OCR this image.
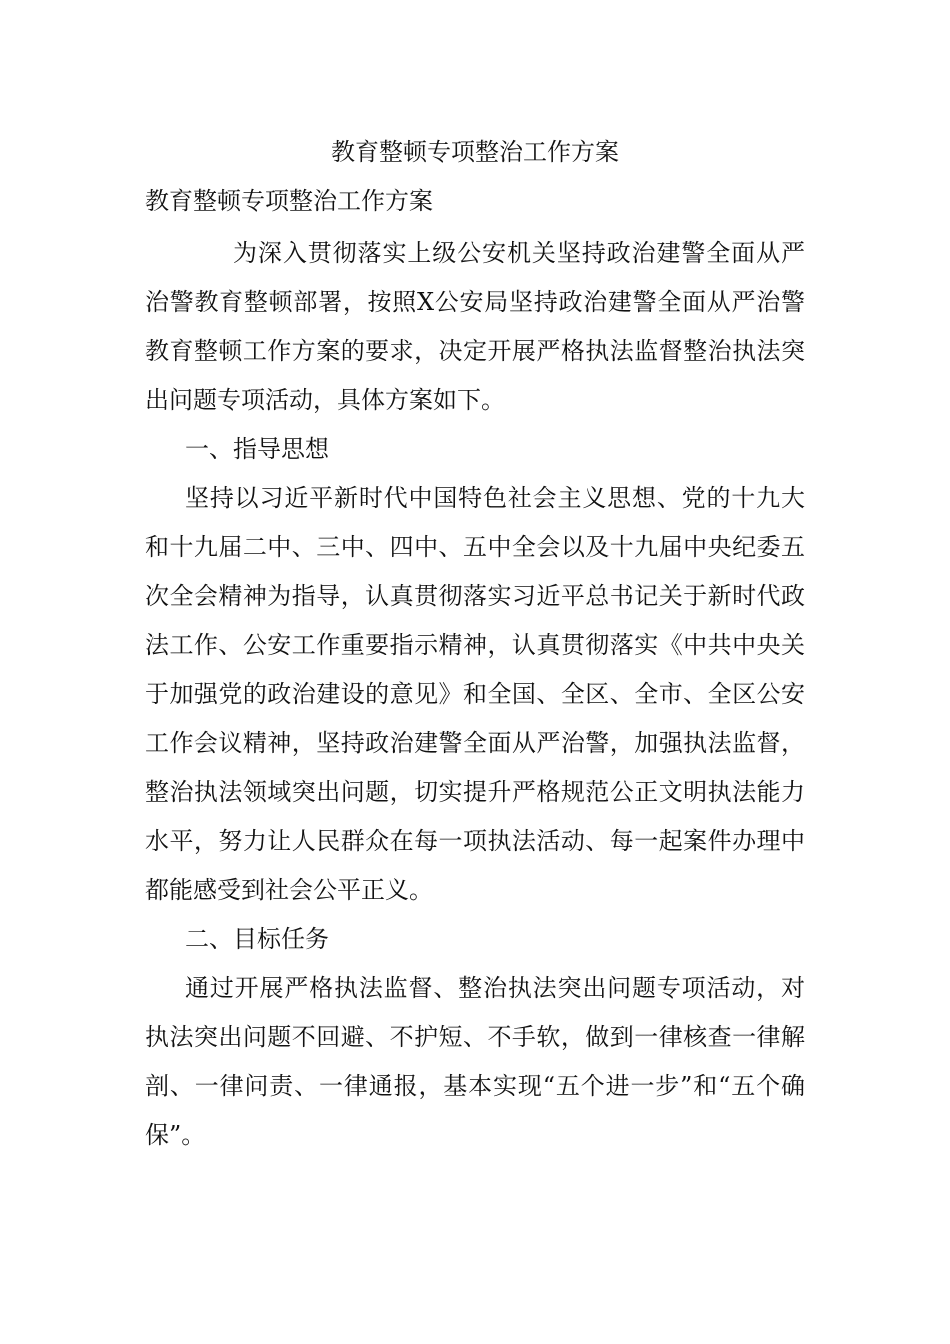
教育整顿专项整治工作方案
教育整顿专项整治工作方案

为深入贯彻落实上级公安机关坚持政治建警全面从严治警教育整顿部署，按照X公安局坚持政治建警全面从严治警教育整顿工作方案的要求，决定开展严格执法监督整治执法突出问题专项活动，具体方案如下。

一、指导思想

坚持以习近平新时代中国特色社会主义思想、党的十九大和十九届二中、三中、四中、五中全会以及十九届中央纪委五次全会精神为指导，认真贯彻落实习近平总书记关于新时代政法工作、公安工作重要指示精神，认真贯彻落实《中共中央关于加强党的政治建设的意见》和全国、全区、全市、全区公安工作会议精神，坚持政治建警全面从严治警，加强执法监督，整治执法领域突出问题，切实提升严格规范公正文明执法能力水平，努力让人民群众在每一项执法活动、每一起案件办理中都能感受到社会公平正义。

二、目标任务

通过开展严格执法监督、整治执法突出问题专项活动，对执法突出问题不回避、不护短、不手软，做到一律核查一律解剖、一律问责、一律通报，基本实现“五个进一步”和“五个确保”。
